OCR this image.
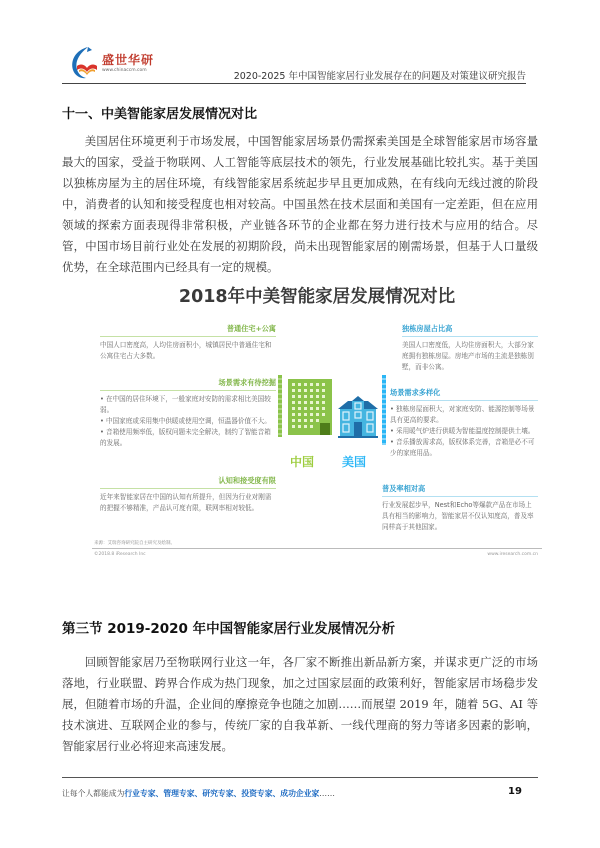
盛世华研
www.chinaccm.com
2020-2025 年中国智能家居行业发展存在的问题及对策建议研究报告
十一、中美智能家居发展情况对比

美国居住环境更利于市场发展，中国智能家居场景仍需探索美国是全球智能家居市场容量最大的国家，受益于物联网、人工智能等底层技术的领先，行业发展基础比较扎实。基于美国以独栋房屋为主的居住环境，有线智能家居系统起步早且更加成熟，在有线向无线过渡的阶段中，消费者的认知和接受程度也相对较高。中国虽然在技术层面和美国有一定差距，但在应用领域的探索方面表现得非常积极，产业链各环节的企业都在努力进行技术与应用的结合。尽管，中国市场目前行业处在发展的初期阶段，尚未出现智能家居的刚需场景，但基于人口量级优势，在全球范围内已经具有一定的规模。

2018年中美智能家居发展情况对比
普通住宅+公寓

中国人口密度高，人均住房面积小，城镇居民中普通住宅和公寓住宅占大多数。

场景需求有待挖掘

• 在中国的居住环境下，一般家庭对安防的需求相比美国较弱。

• 中国家庭或采用集中供暖或使用空调，恒温器价值不大。

• 音箱使用频率低，版权问题未完全解决，制约了智能音箱的发展。

认知和接受度有限

近年来智能家居在中国的认知有所提升，但因为行业对刚需的把握不够精准，产品认可度有限，联网率相对较低。

中国 美国
独栋房屋占比高

美国人口密度低，人均住房面积大，大部分家庭拥有独栋房屋。房地产市场的主流是独栋别墅，而非公寓。

场景需求多样化

• 独栋房屋面积大，对家庭安防、能源控制等场景具有更高的要求。

• 采用暖气炉进行供暖为智能温度控制提供土壤。

• 音乐播放需求高，版权体系完善，音箱是必不可少的家庭用品。

普及率相对高

行业发展起步早，Nest和Echo等爆款产品在市场上具有相当的影响力，智能家居不仅认知度高，普及率同样高于其他国家。

来源：艾瑞咨询研究院自主研究及绘制。
©2018.8 iResearch Inc	www.iresearch.com.cn
第三节 2019-2020 年中国智能家居行业发展情况分析

回顾智能家居乃至物联网行业这一年，各厂家不断推出新品新方案，并谋求更广泛的市场落地，行业联盟、跨界合作成为热门现象，加之过国家层面的政策利好，智能家居市场稳步发展，但随着市场的升温，企业间的摩擦竞争也随之加剧……而展望 2019 年，随着 5G、AI 等技术演进、互联网企业的参与，传统厂家的自我革新、一线代理商的努力等诸多因素的影响，智能家居行业必将迎来高速发展。

让每个人都能成为行业专家、管理专家、研究专家、投资专家、成功企业家……	19
